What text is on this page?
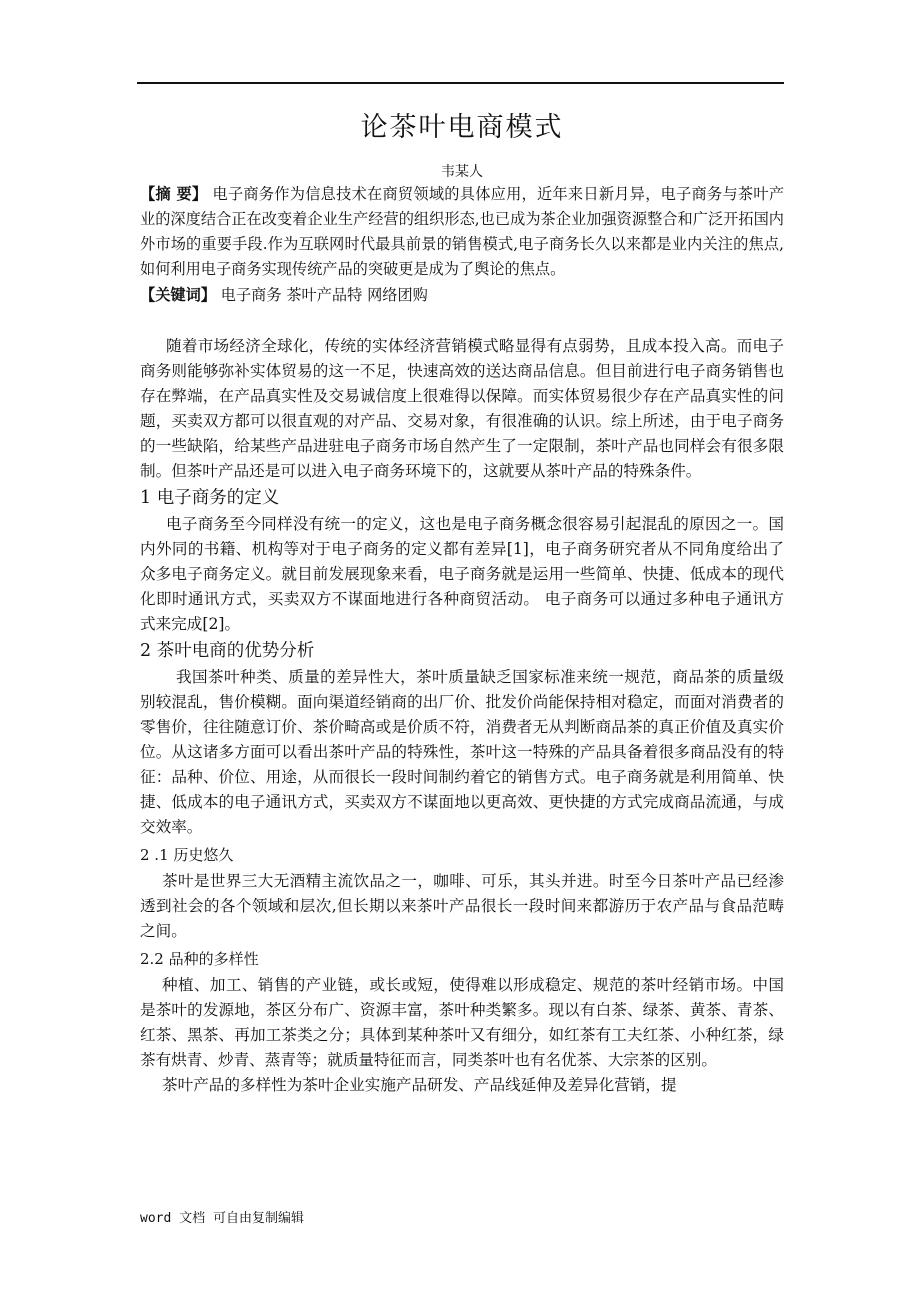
论茶叶电商模式
韦某人

【摘 要】 电子商务作为信息技术在商贸领域的具体应用，近年来日新月异，电子商务与茶叶产业的深度结合正在改变着企业生产经营的组织形态,也已成为茶企业加强资源整合和广泛开拓国内外市场的重要手段.作为互联网时代最具前景的销售模式,电子商务长久以来都是业内关注的焦点,如何利用电子商务实现传统产品的突破更是成为了舆论的焦点。

【关键词】 电子商务 茶叶产品特 网络团购

随着市场经济全球化，传统的实体经济营销模式略显得有点弱势，且成本投入高。而电子商务则能够弥补实体贸易的这一不足，快速高效的送达商品信息。但目前进行电子商务销售也存在弊端，在产品真实性及交易诚信度上很难得以保障。而实体贸易很少存在产品真实性的问题，买卖双方都可以很直观的对产品、交易对象，有很准确的认识。综上所述，由于电子商务的一些缺陷，给某些产品进驻电子商务市场自然产生了一定限制，茶叶产品也同样会有很多限制。但茶叶产品还是可以进入电子商务环境下的，这就要从茶叶产品的特殊条件。

1 电子商务的定义

电子商务至今同样没有统一的定义，这也是电子商务概念很容易引起混乱的原因之一。国内外同的书籍、机构等对于电子商务的定义都有差异[1]，电子商务研究者从不同角度给出了众多电子商务定义。就目前发展现象来看，电子商务就是运用一些简单、快捷、低成本的现代化即时通讯方式，买卖双方不谋面地进行各种商贸活动。 电子商务可以通过多种电子通讯方式来完成[2]。

2 茶叶电商的优势分析

我国茶叶种类、质量的差异性大，茶叶质量缺乏国家标准来统一规范，商品茶的质量级别较混乱，售价模糊。面向渠道经销商的出厂价、批发价尚能保持相对稳定，而面对消费者的零售价，往往随意订价、茶价畸高或是价质不符，消费者无从判断商品茶的真正价值及真实价位。从这诸多方面可以看出茶叶产品的特殊性，茶叶这一特殊的产品具备着很多商品没有的特征：品种、价位、用途，从而很长一段时间制约着它的销售方式。电子商务就是利用简单、快捷、低成本的电子通讯方式，买卖双方不谋面地以更高效、更快捷的方式完成商品流通，与成交效率。

2 .1 历史悠久

茶叶是世界三大无酒精主流饮品之一，咖啡、可乐，其头并进。时至今日茶叶产品已经渗透到社会的各个领域和层次,但长期以来茶叶产品很长一段时间来都游历于农产品与食品范畴之间。

2.2 品种的多样性

种植、加工、销售的产业链，或长或短，使得难以形成稳定、规范的茶叶经销市场。中国是茶叶的发源地，茶区分布广、资源丰富，茶叶种类繁多。现以有白茶、绿茶、黄茶、青茶、红茶、黑茶、再加工茶类之分；具体到某种茶叶又有细分，如红茶有工夫红茶、小种红茶，绿茶有烘青、炒青、蒸青等；就质量特征而言，同类茶叶也有名优茶、大宗茶的区别。

茶叶产品的多样性为茶叶企业实施产品研发、产品线延伸及差异化营销，提

word 文档 可自由复制编辑
